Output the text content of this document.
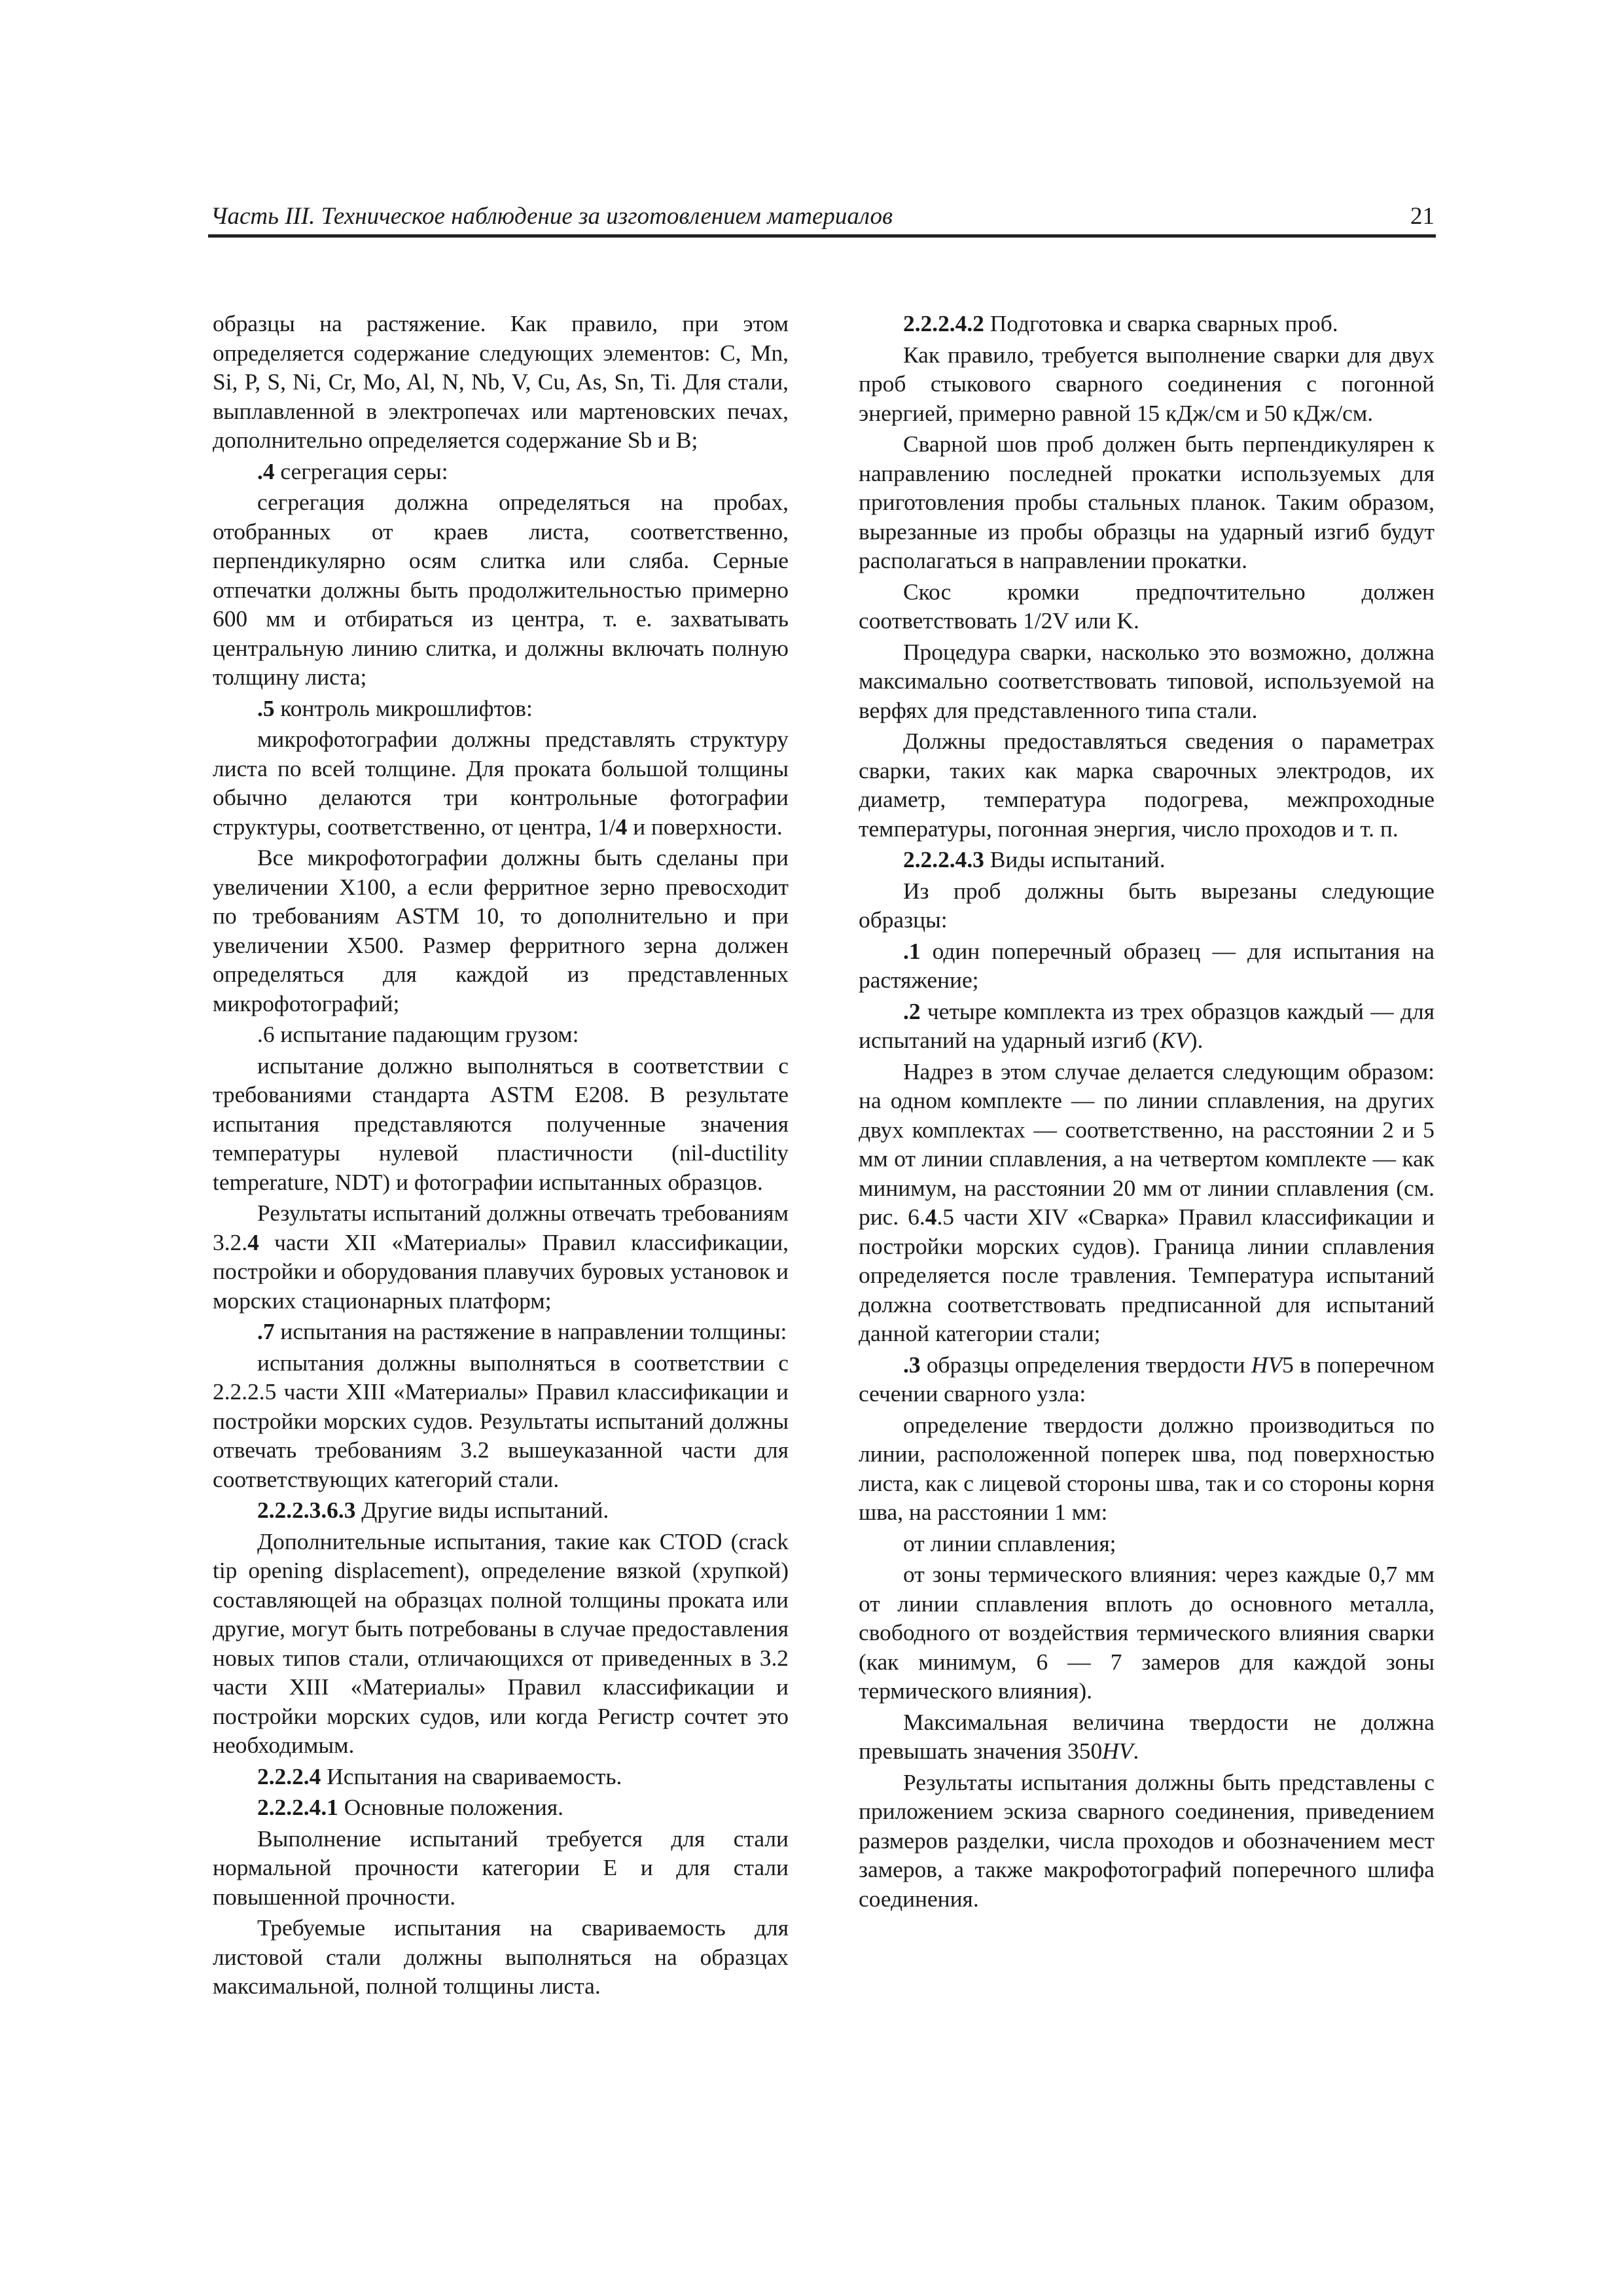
Часть III. Техническое наблюдение за изготовлением материалов	21

образцы на растяжение. Как правило, при этом определяется содержание следующих элементов: C, Mn, Si, P, S, Ni, Cr, Mo, Al, N, Nb, V, Cu, As, Sn, Ti. Для стали, выплавленной в электропечах или мартеновских печах, дополнительно определяется содержание Sb и B;

.4 сегрегация серы:

сегрегация должна определяться на пробах, отобранных от краев листа, соответственно, перпендикулярно осям слитка или сляба. Серные отпечатки должны быть продолжительностью примерно 600 мм и отбираться из центра, т. е. захватывать центральную линию слитка, и должны включать полную толщину листа;

.5 контроль микрошлифтов:

микрофотографии должны представлять структуру листа по всей толщине. Для проката большой толщины обычно делаются три контрольные фотографии структуры, соответственно, от центра, 1/4 и поверхности.

Все микрофотографии должны быть сделаны при увеличении X100, а если ферритное зерно превосходит по требованиям ASTM 10, то дополнительно и при увеличении X500. Размер ферритного зерна должен определяться для каждой из представленных микрофотографий;

.6 испытание падающим грузом:

испытание должно выполняться в соответствии с требованиями стандарта ASTM E208. В результате испытания представляются полученные значения температуры нулевой пластичности (nil-ductility temperature, NDT) и фотографии испытанных образцов.

Результаты испытаний должны отвечать требованиям 3.2.4 части XII «Материалы» Правил классификации, постройки и оборудования плавучих буровых установок и морских стационарных платформ;

.7 испытания на растяжение в направлении толщины:

испытания должны выполняться в соответствии с 2.2.2.5 части XIII «Материалы» Правил классификации и постройки морских судов. Результаты испытаний должны отвечать требованиям 3.2 вышеуказанной части для соответствующих категорий стали.

2.2.2.3.6.3 Другие виды испытаний.

Дополнительные испытания, такие как CTOD (crack tip opening displacement), определение вязкой (хрупкой) составляющей на образцах полной толщины проката или другие, могут быть потребованы в случае предоставления новых типов стали, отличающихся от приведенных в 3.2 части XIII «Материалы» Правил классификации и постройки морских судов, или когда Регистр сочтет это необходимым.

2.2.2.4 Испытания на свариваемость.

2.2.2.4.1 Основные положения.

Выполнение испытаний требуется для стали нормальной прочности категории E и для стали повышенной прочности.

Требуемые испытания на свариваемость для листовой стали должны выполняться на образцах максимальной, полной толщины листа.

2.2.2.4.2 Подготовка и сварка сварных проб.

Как правило, требуется выполнение сварки для двух проб стыкового сварного соединения с погонной энергией, примерно равной 15 кДж/см и 50 кДж/см.

Сварной шов проб должен быть перпендикулярен к направлению последней прокатки используемых для приготовления пробы стальных планок. Таким образом, вырезанные из пробы образцы на ударный изгиб будут располагаться в направлении прокатки.

Скос кромки предпочтительно должен соответствовать 1/2V или K.

Процедура сварки, насколько это возможно, должна максимально соответствовать типовой, используемой на верфях для представленного типа стали.

Должны предоставляться сведения о параметрах сварки, таких как марка сварочных электродов, их диаметр, температура подогрева, межпроходные температуры, погонная энергия, число проходов и т. п.

2.2.2.4.3 Виды испытаний.

Из проб должны быть вырезаны следующие образцы:

.1 один поперечный образец — для испытания на растяжение;

.2 четыре комплекта из трех образцов каждый — для испытаний на ударный изгиб (KV).

Надрез в этом случае делается следующим образом: на одном комплекте — по линии сплавления, на других двух комплектах — соответственно, на расстоянии 2 и 5 мм от линии сплавления, а на четвертом комплекте — как минимум, на расстоянии 20 мм от линии сплавления (см. рис. 6.4.5 части XIV «Сварка» Правил классификации и постройки морских судов). Граница линии сплавления определяется после травления. Температура испытаний должна соответствовать предписанной для испытаний данной категории стали;

.3 образцы определения твердости HV5 в поперечном сечении сварного узла:

определение твердости должно производиться по линии, расположенной поперек шва, под поверхностью листа, как с лицевой стороны шва, так и со стороны корня шва, на расстоянии 1 мм:

от линии сплавления;

от зоны термического влияния: через каждые 0,7 мм от линии сплавления вплоть до основного металла, свободного от воздействия термического влияния сварки (как минимум, 6 — 7 замеров для каждой зоны термического влияния).

Максимальная величина твердости не должна превышать значения 350HV.

Результаты испытания должны быть представлены с приложением эскиза сварного соединения, приведением размеров разделки, числа проходов и обозначением мест замеров, а также макрофотографий поперечного шлифа соединения.
